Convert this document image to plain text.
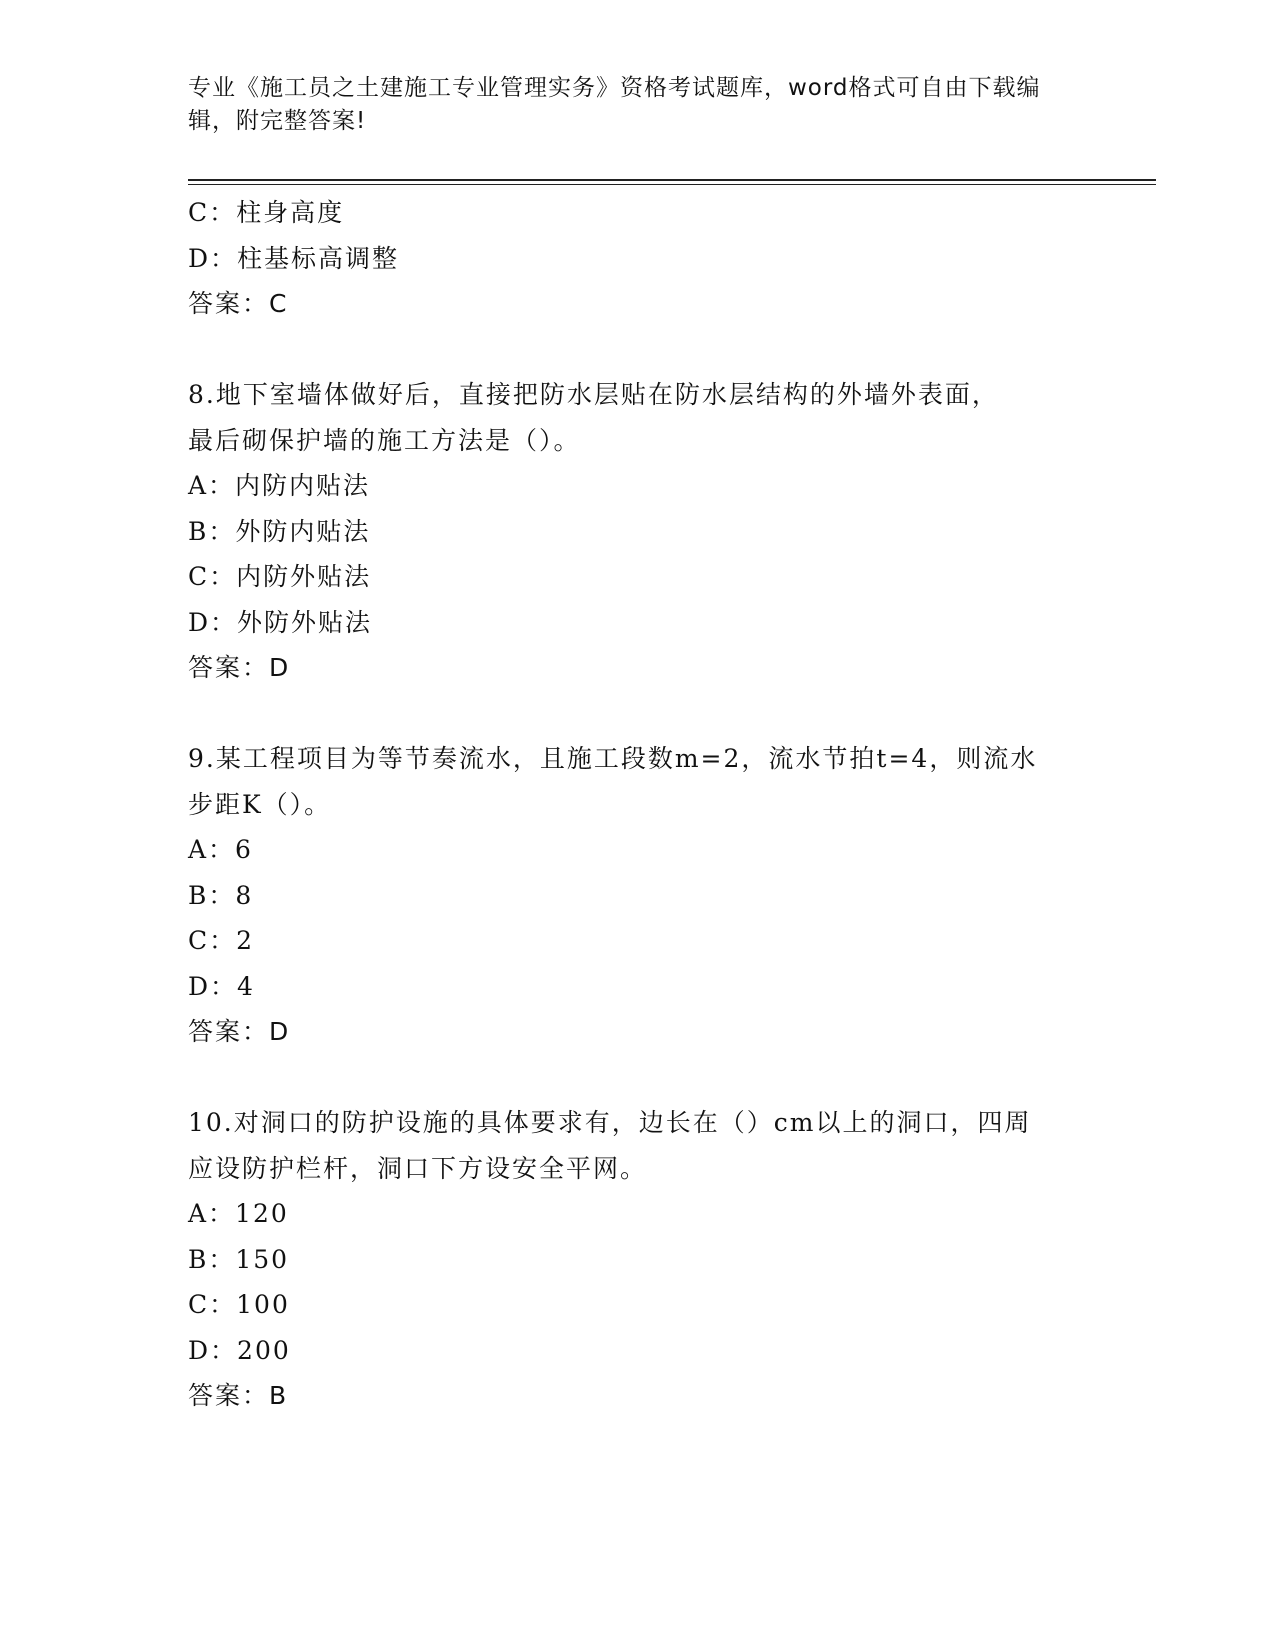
专业《施工员之土建施工专业管理实务》资格考试题库，word格式可自由下载编
辑，附完整答案!
C：柱身高度
D：柱基标高调整
答案：C
8.地下室墙体做好后，直接把防水层贴在防水层结构的外墙外表面，
最后砌保护墙的施工方法是（）。
A：内防内贴法
B：外防内贴法
C：内防外贴法
D：外防外贴法
答案：D
9.某工程项目为等节奏流水，且施工段数m=2，流水节拍t=4，则流水
步距K（）。
A：6
B：8
C：2
D：4
答案：D
10.对洞口的防护设施的具体要求有，边长在（）cm以上的洞口，四周
应设防护栏杆，洞口下方设安全平网。
A：120
B：150
C：100
D：200
答案：B
